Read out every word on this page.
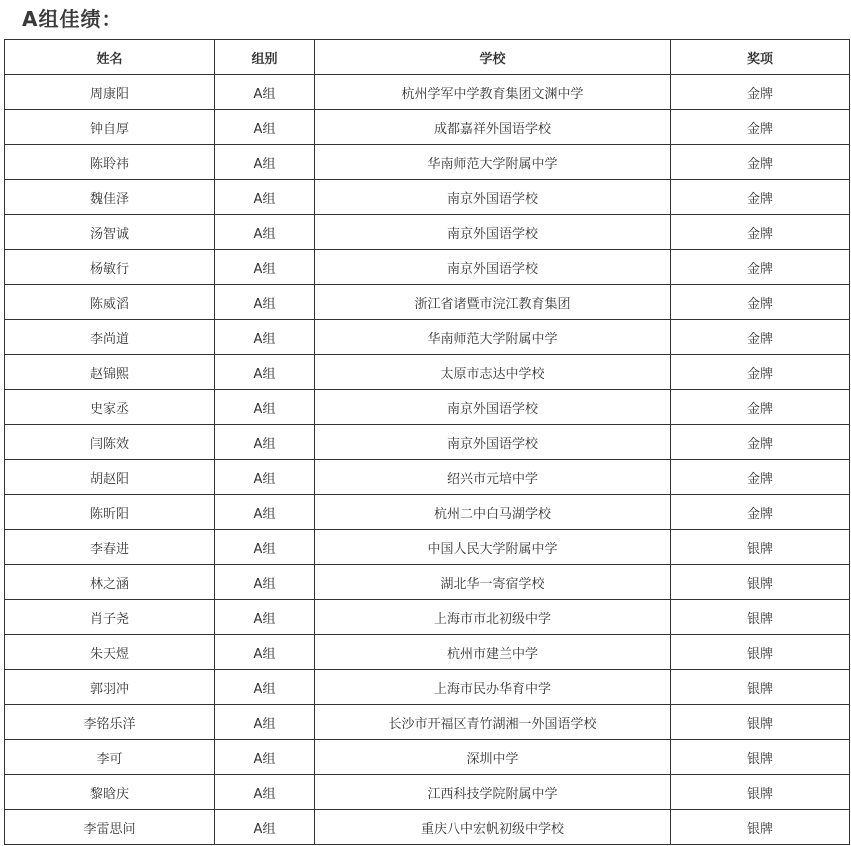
A组佳绩：
姓名	组别	学校	奖项
周康阳	A组	杭州学军中学教育集团文渊中学	金牌
钟自厚	A组	成都嘉祥外国语学校	金牌
陈聆祎	A组	华南师范大学附属中学	金牌
魏佳泽	A组	南京外国语学校	金牌
汤智诚	A组	南京外国语学校	金牌
杨敏行	A组	南京外国语学校	金牌
陈威滔	A组	浙江省诸暨市浣江教育集团	金牌
李尚道	A组	华南师范大学附属中学	金牌
赵锦熙	A组	太原市志达中学校	金牌
史家丞	A组	南京外国语学校	金牌
闫陈效	A组	南京外国语学校	金牌
胡赵阳	A组	绍兴市元培中学	金牌
陈昕阳	A组	杭州二中白马湖学校	金牌
李春进	A组	中国人民大学附属中学	银牌
林之涵	A组	湖北华一寄宿学校	银牌
肖子尧	A组	上海市市北初级中学	银牌
朱天煜	A组	杭州市建兰中学	银牌
郭羽冲	A组	上海市民办华育中学	银牌
李铭乐洋	A组	长沙市开福区青竹湖湘一外国语学校	银牌
李可	A组	深圳中学	银牌
黎晗庆	A组	江西科技学院附属中学	银牌
李雷思问	A组	重庆八中宏帆初级中学校	银牌
